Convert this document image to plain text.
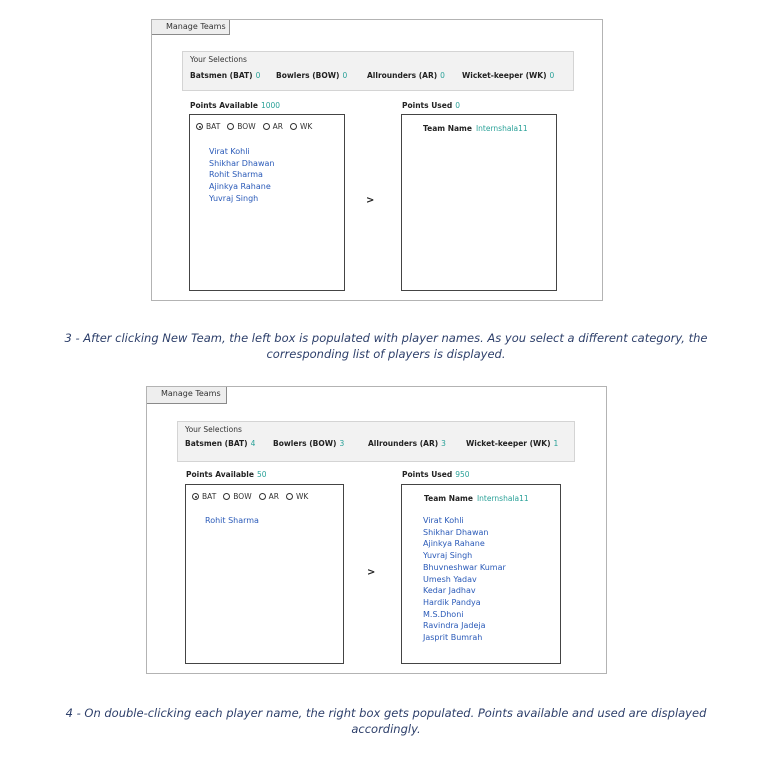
Manage Teams
Your Selections
Batsmen (BAT) 0 Bowlers (BOW) 0	Allrounders (AR) 0 Wicket-keeper (WK) 0
Points Available 1000	Points Used 0
BAT BOW AR WK
Virat Kohli
Shikhar Dhawan
Rohit Sharma
Ajinkya Rahane
Yuvraj Singh	>
Team Name Internshala11
3 - After clicking New Team, the left box is populated with player names. As you select a different category, the corresponding list of players is displayed.
Manage Teams
Your Selections
Batsmen (BAT) 4 Bowlers (BOW) 3	Allrounders (AR) 3	Wicket-keeper (WK) 1
Points Available 50	Points Used 950
BAT BOW AR WK
Rohit Sharma
>
Team Name Internshala11
Virat Kohli
Shikhar Dhawan
Ajinkya Rahane
Yuvraj Singh
Bhuvneshwar Kumar
Umesh Yadav
Kedar Jadhav
Hardik Pandya
M.S.Dhoni
Ravindra Jadeja
Jasprit Bumrah
4 - On double-clicking each player name, the right box gets populated. Points available and used are displayed accordingly.
